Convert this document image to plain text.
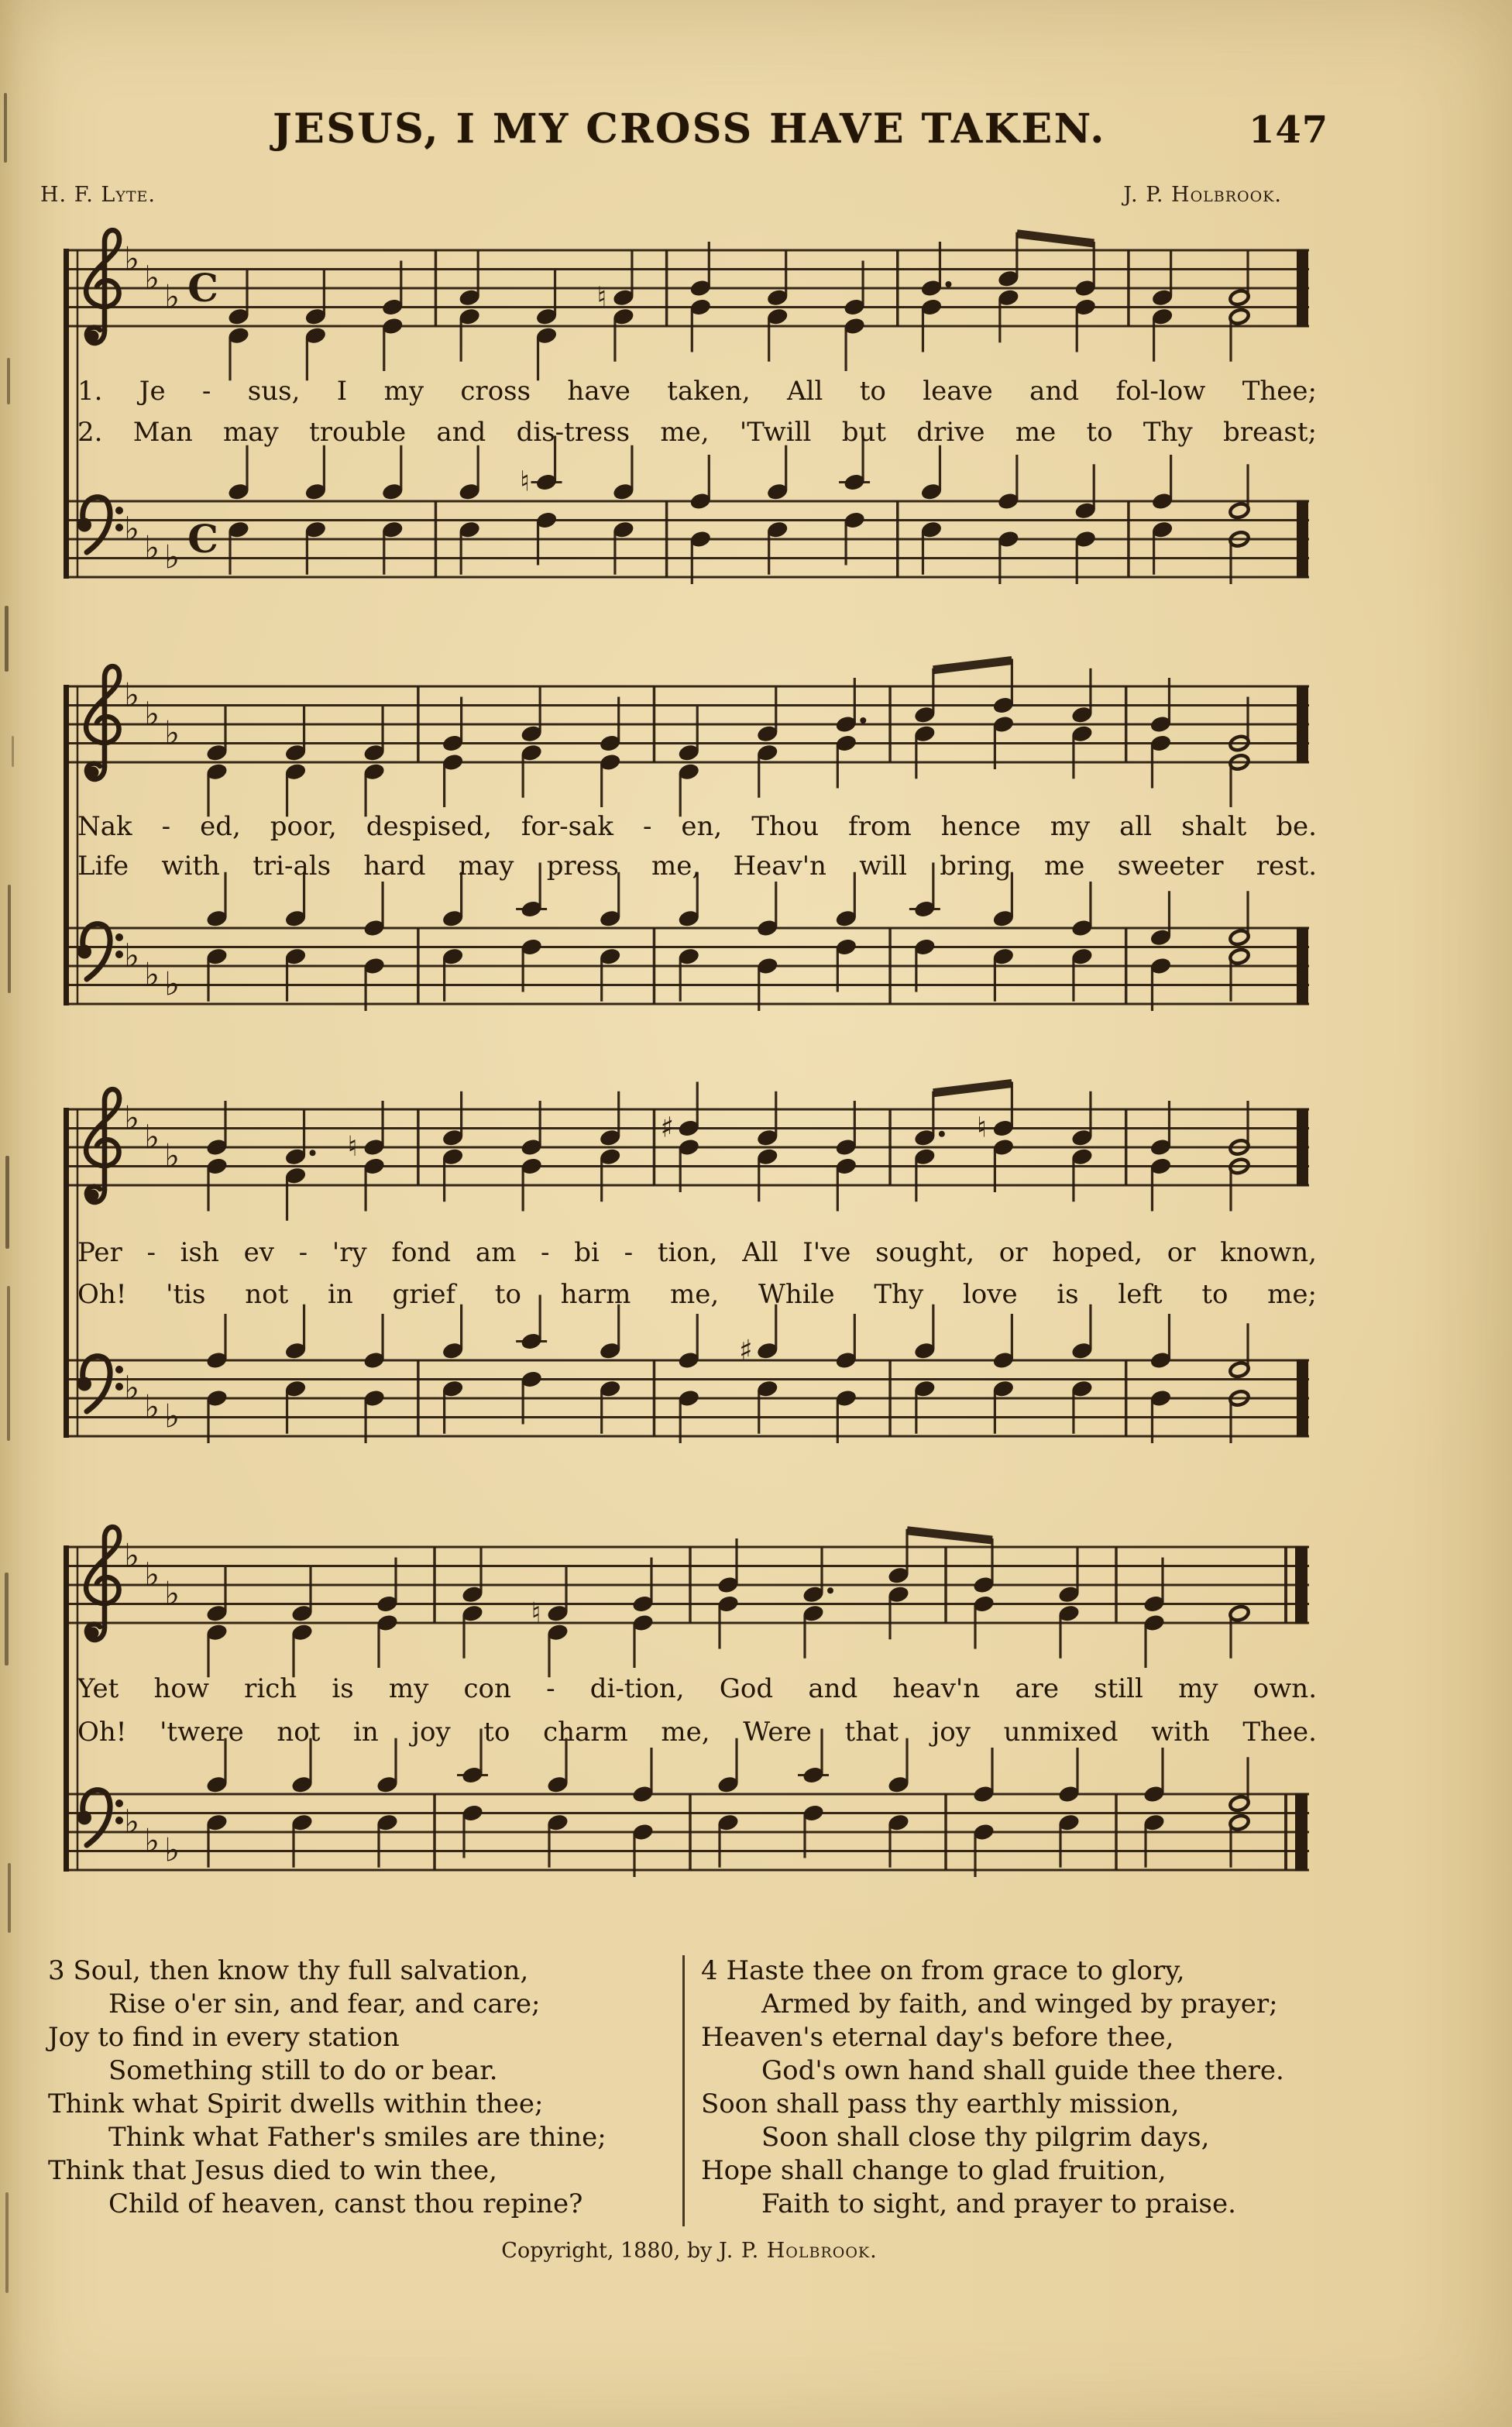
JESUS, I MY CROSS HAVE TAKEN.	147
H. F. Lyte.	J. P. Holbrook.
♭ ♭ ♭ C	♮
♭ ♭ ♭ C
♮
♭ ♭ ♭
♭ ♭ ♭
♭ ♭ ♭	♮
♯	♮
♭ ♭ ♭
♯
♭ ♭ ♭
♮
♭ ♭ ♭
1. Je - sus, I my cross have taken, All to leave and fol-low Thee;
2. Man may trouble and dis-tress me, 'Twill but drive me to Thy breast;
Nak - ed, poor, despised, for-sak - en, Thou from hence my all shalt be.
Life with tri-als hard may press me, Heav'n will bring me sweeter rest.
Per - ish ev - 'ry fond am - bi - tion, All I've sought, or hoped, or known,
Oh! 'tis not in grief to harm me, While Thy love is left to me;
Yet how rich is my con - di-tion, God and heav'n are still my own.
Oh! 'twere not in joy to charm me, Were that joy unmixed with Thee.
3 Soul, then know thy full salvation,
Rise o'er sin, and fear, and care;
Joy to find in every station
Something still to do or bear.
Think what Spirit dwells within thee;
Think what Father's smiles are thine;
Think that Jesus died to win thee,
Child of heaven, canst thou repine?
4 Haste thee on from grace to glory,
Armed by faith, and winged by prayer;
Heaven's eternal day's before thee,
God's own hand shall guide thee there.
Soon shall pass thy earthly mission,
Soon shall close thy pilgrim days,
Hope shall change to glad fruition,
Faith to sight, and prayer to praise.
Copyright, 1880, by J. P. Holbrook.
